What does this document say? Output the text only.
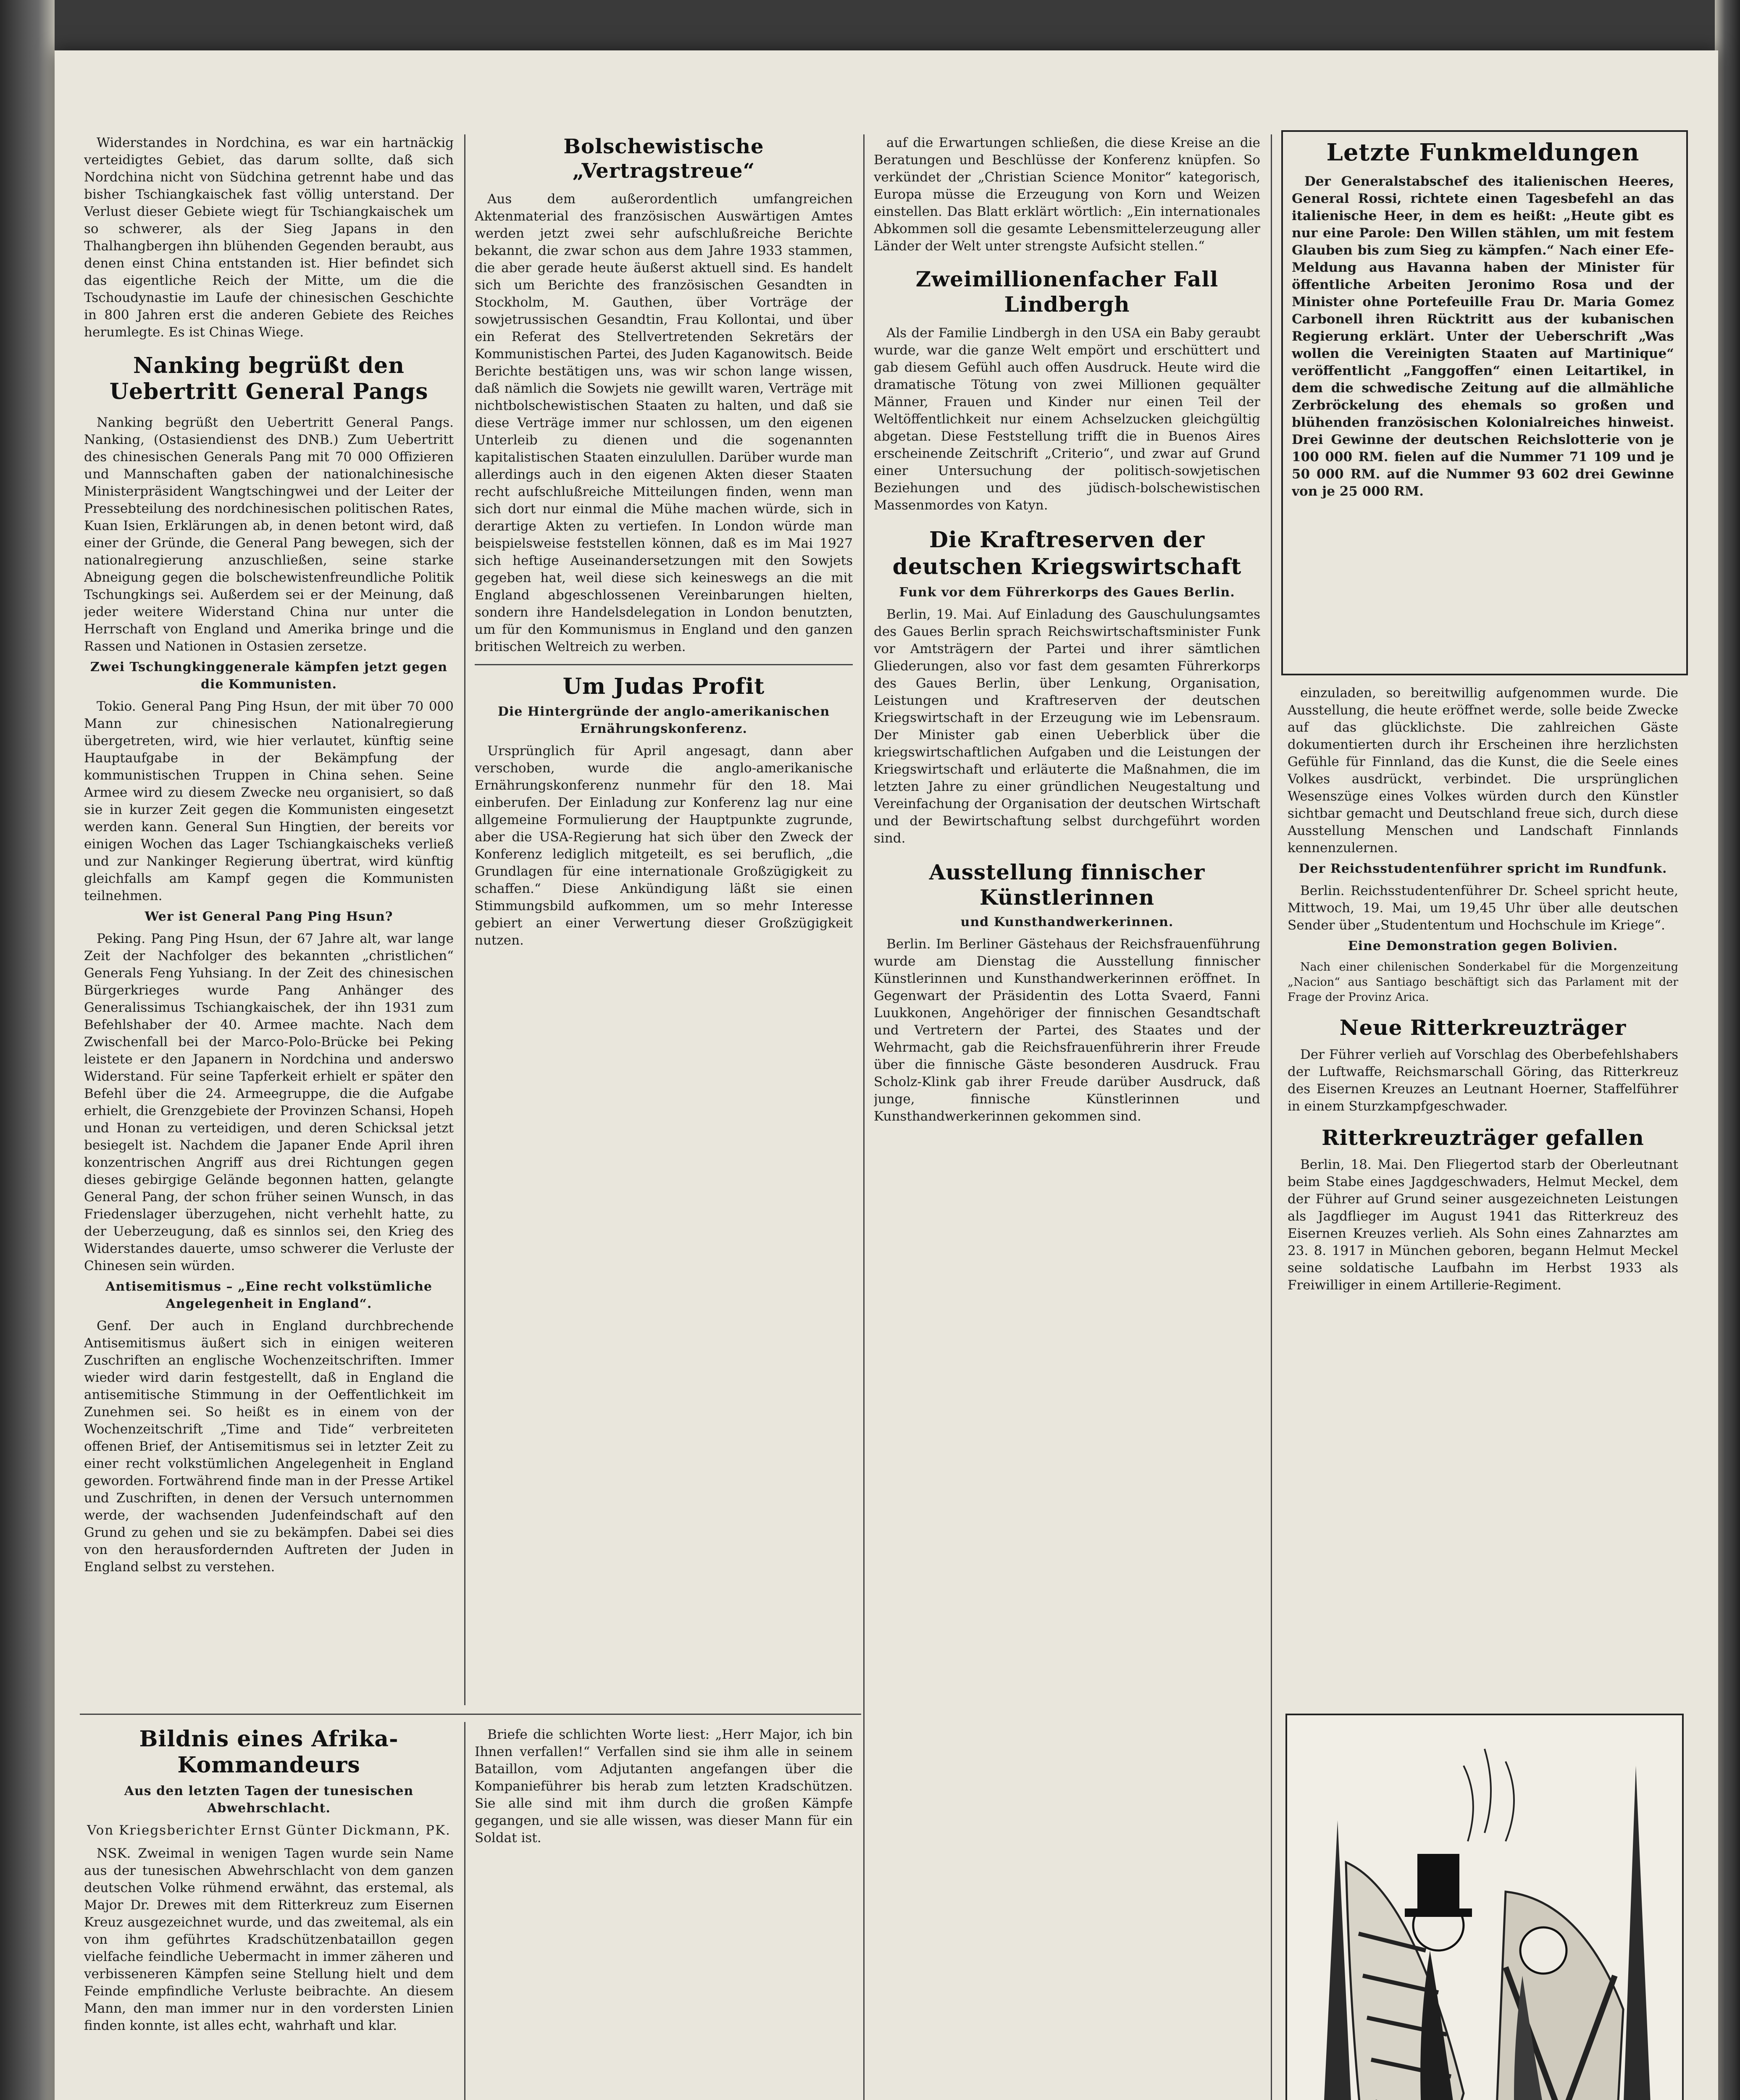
Widerstandes in Nordchina, es war ein hartnäckig verteidigtes Gebiet, das darum sollte, daß sich Nordchina nicht von Südchina getrennt habe und das bisher Tschiangkaischek fast völlig unterstand. Der Verlust dieser Gebiete wiegt für Tschiangkaischek um so schwerer, als der Sieg Japans in den Thalhangbergen ihn blühenden Gegenden beraubt, aus denen einst China entstanden ist. Hier befindet sich das eigentliche Reich der Mitte, um die die Tschoudynastie im Laufe der chinesischen Geschichte in 800 Jahren erst die anderen Gebiete des Reiches herumlegte. Es ist Chinas Wiege.

Nanking begrüßt den Uebertritt General Pangs

Nanking begrüßt den Uebertritt General Pangs. Nanking, (Ostasiendienst des DNB.) Zum Uebertritt des chinesischen Generals Pang mit 70 000 Offizieren und Mannschaften gaben der nationalchinesische Ministerpräsident Wangtschingwei und der Leiter der Pressebteilung des nordchinesischen politischen Rates, Kuan Isien, Erklärungen ab, in denen betont wird, daß einer der Gründe, die General Pang bewegen, sich der nationalregierung anzuschließen, seine starke Abneigung gegen die bolschewistenfreundliche Politik Tschungkings sei. Außerdem sei er der Meinung, daß jeder weitere Widerstand China nur unter die Herrschaft von England und Amerika bringe und die Rassen und Nationen in Ostasien zersetze.

Zwei Tschungkinggenerale kämpfen jetzt gegen die Kommunisten.

Tokio. General Pang Ping Hsun, der mit über 70 000 Mann zur chinesischen Nationalregierung übergetreten, wird, wie hier verlautet, künftig seine Hauptaufgabe in der Bekämpfung der kommunistischen Truppen in China sehen. Seine Armee wird zu diesem Zwecke neu organisiert, so daß sie in kurzer Zeit gegen die Kommunisten eingesetzt werden kann. General Sun Hingtien, der bereits vor einigen Wochen das Lager Tschiangkaischeks verließ und zur Nankinger Regierung übertrat, wird künftig gleichfalls am Kampf gegen die Kommunisten teilnehmen.

Wer ist General Pang Ping Hsun?

Peking. Pang Ping Hsun, der 67 Jahre alt, war lange Zeit der Nachfolger des bekannten „christlichen“ Generals Feng Yuhsiang. In der Zeit des chinesischen Bürgerkrieges wurde Pang Anhänger des Generalissimus Tschiangkaischek, der ihn 1931 zum Befehlshaber der 40. Armee machte. Nach dem Zwischenfall bei der Marco-Polo-Brücke bei Peking leistete er den Japanern in Nordchina und anderswo Widerstand. Für seine Tapferkeit erhielt er später den Befehl über die 24. Armeegruppe, die die Aufgabe erhielt, die Grenzgebiete der Provinzen Schansi, Hopeh und Honan zu verteidigen, und deren Schicksal jetzt besiegelt ist. Nachdem die Japaner Ende April ihren konzentrischen Angriff aus drei Richtungen gegen dieses gebirgige Gelände begonnen hatten, gelangte General Pang, der schon früher seinen Wunsch, in das Friedenslager überzugehen, nicht verhehlt hatte, zu der Ueberzeugung, daß es sinnlos sei, den Krieg des Widerstandes dauerte, umso schwerer die Verluste der Chinesen sein würden.

Antisemitismus – „Eine recht volkstümliche Angelegenheit in England“.

Genf. Der auch in England durchbrechende Antisemitismus äußert sich in einigen weiteren Zuschriften an englische Wochenzeitschriften. Immer wieder wird darin festgestellt, daß in England die antisemitische Stimmung in der Oeffentlichkeit im Zunehmen sei. So heißt es in einem von der Wochenzeitschrift „Time and Tide“ verbreiteten offenen Brief, der Antisemitismus sei in letzter Zeit zu einer recht volkstümlichen Angelegenheit in England geworden. Fortwährend finde man in der Presse Artikel und Zuschriften, in denen der Versuch unternommen werde, der wachsenden Judenfeindschaft auf den Grund zu gehen und sie zu bekämpfen. Dabei sei dies von den herausfordernden Auftreten der Juden in England selbst zu verstehen.

Bolschewistische „Vertragstreue“

Aus dem außerordentlich umfangreichen Aktenmaterial des französischen Auswärtigen Amtes werden jetzt zwei sehr aufschlußreiche Berichte bekannt, die zwar schon aus dem Jahre 1933 stammen, die aber gerade heute äußerst aktuell sind. Es handelt sich um Berichte des französischen Gesandten in Stockholm, M. Gauthen, über Vorträge der sowjetrussischen Gesandtin, Frau Kollontai, und über ein Referat des Stellvertretenden Sekretärs der Kommunistischen Partei, des Juden Kaganowitsch. Beide Berichte bestätigen uns, was wir schon lange wissen, daß nämlich die Sowjets nie gewillt waren, Verträge mit nichtbolschewistischen Staaten zu halten, und daß sie diese Verträge immer nur schlossen, um den eigenen Unterleib zu dienen und die sogenannten kapitalistischen Staaten einzulullen. Darüber wurde man allerdings auch in den eigenen Akten dieser Staaten recht aufschlußreiche Mitteilungen finden, wenn man sich dort nur einmal die Mühe machen würde, sich in derartige Akten zu vertiefen. In London würde man beispielsweise feststellen können, daß es im Mai 1927 sich heftige Auseinandersetzungen mit den Sowjets gegeben hat, weil diese sich keineswegs an die mit England abgeschlossenen Vereinbarungen hielten, sondern ihre Handelsdelegation in London benutzten, um für den Kommunismus in England und den ganzen britischen Weltreich zu werben.

Um Judas Profit
Die Hintergründe der anglo-amerikanischen Ernährungskonferenz.

Ursprünglich für April angesagt, dann aber verschoben, wurde die anglo-amerikanische Ernährungskonferenz nunmehr für den 18. Mai einberufen. Der Einladung zur Konferenz lag nur eine allgemeine Formulierung der Hauptpunkte zugrunde, aber die USA-Regierung hat sich über den Zweck der Konferenz lediglich mitgeteilt, es sei beruflich, „die Grundlagen für eine internationale Großzügigkeit zu schaffen.“ Diese Ankündigung läßt sie einen Stimmungsbild aufkommen, um so mehr Interesse gebiert an einer Verwertung dieser Großzügigkeit nutzen.

auf die Erwartungen schließen, die diese Kreise an die Beratungen und Beschlüsse der Konferenz knüpfen. So verkündet der „Christian Science Monitor“ kategorisch, Europa müsse die Erzeugung von Korn und Weizen einstellen. Das Blatt erklärt wörtlich: „Ein internationales Abkommen soll die gesamte Lebensmittelerzeugung aller Länder der Welt unter strengste Aufsicht stellen.“

Zweimillionenfacher Fall Lindbergh

Als der Familie Lindbergh in den USA ein Baby geraubt wurde, war die ganze Welt empört und erschüttert und gab diesem Gefühl auch offen Ausdruck. Heute wird die dramatische Tötung von zwei Millionen gequälter Männer, Frauen und Kinder nur einen Teil der Weltöffentlichkeit nur einem Achselzucken gleichgültig abgetan. Diese Feststellung trifft die in Buenos Aires erscheinende Zeitschrift „Criterio“, und zwar auf Grund einer Untersuchung der politisch-sowjetischen Beziehungen und des jüdisch-bolschewistischen Massenmordes von Katyn.

Die Kraftreserven der deutschen Kriegswirtschaft
Funk vor dem Führerkorps des Gaues Berlin.

Berlin, 19. Mai. Auf Einladung des Gauschulungsamtes des Gaues Berlin sprach Reichswirtschaftsminister Funk vor Amtsträgern der Partei und ihrer sämtlichen Gliederungen, also vor fast dem gesamten Führerkorps des Gaues Berlin, über Lenkung, Organisation, Leistungen und Kraftreserven der deutschen Kriegswirtschaft in der Erzeugung wie im Lebensraum. Der Minister gab einen Ueberblick über die kriegswirtschaftlichen Aufgaben und die Leistungen der Kriegswirtschaft und erläuterte die Maßnahmen, die im letzten Jahre zu einer gründlichen Neugestaltung und Vereinfachung der Organisation der deutschen Wirtschaft und der Bewirtschaftung selbst durchgeführt worden sind.

Ausstellung finnischer Künstlerinnen
und Kunsthandwerkerinnen.

Berlin. Im Berliner Gästehaus der Reichsfrauenführung wurde am Dienstag die Ausstellung finnischer Künstlerinnen und Kunsthandwerkerinnen eröffnet. In Gegenwart der Präsidentin des Lotta Svaerd, Fanni Luukkonen, Angehöriger der finnischen Gesandtschaft und Vertretern der Partei, des Staates und der Wehrmacht, gab die Reichsfrauenführerin ihrer Freude über die finnische Gäste besonderen Ausdruck. Frau Scholz-Klink gab ihrer Freude darüber Ausdruck, daß junge, finnische Künstlerinnen und Kunsthandwerkerinnen gekommen sind.

Letzte Funkmeldungen

Der Generalstabschef des italienischen Heeres, General Rossi, richtete einen Tagesbefehl an das italienische Heer, in dem es heißt: „Heute gibt es nur eine Parole: Den Willen stählen, um mit festem Glauben bis zum Sieg zu kämpfen.“ Nach einer Efe-Meldung aus Havanna haben der Minister für öffentliche Arbeiten Jeronimo Rosa und der Minister ohne Portefeuille Frau Dr. Maria Gomez Carbonell ihren Rücktritt aus der kubanischen Regierung erklärt. Unter der Ueberschrift „Was wollen die Vereinigten Staaten auf Martinique“ veröffentlicht „Fanggoffen“ einen Leitartikel, in dem die schwedische Zeitung auf die allmähliche Zerbröckelung des ehemals so großen und blühenden französischen Kolonialreiches hinweist. Drei Gewinne der deutschen Reichslotterie von je 100 000 RM. fielen auf die Nummer 71 109 und je 50 000 RM. auf die Nummer 93 602 drei Gewinne von je 25 000 RM.

einzuladen, so bereitwillig aufgenommen wurde. Die Ausstellung, die heute eröffnet werde, solle beide Zwecke auf das glücklichste. Die zahlreichen Gäste dokumentierten durch ihr Erscheinen ihre herzlichsten Gefühle für Finnland, das die Kunst, die die Seele eines Volkes ausdrückt, verbindet. Die ursprünglichen Wesenszüge eines Volkes würden durch den Künstler sichtbar gemacht und Deutschland freue sich, durch diese Ausstellung Menschen und Landschaft Finnlands kennenzulernen.

Der Reichsstudentenführer spricht im Rundfunk.

Berlin. Reichsstudentenführer Dr. Scheel spricht heute, Mittwoch, 19. Mai, um 19,45 Uhr über alle deutschen Sender über „Studententum und Hochschule im Kriege“.

Eine Demonstration gegen Bolivien.

Nach einer chilenischen Sonderkabel für die Morgenzeitung „Nacion“ aus Santiago beschäftigt sich das Parlament mit der Frage der Provinz Arica.

Neue Ritterkreuzträger

Der Führer verlieh auf Vorschlag des Oberbefehlshabers der Luftwaffe, Reichsmarschall Göring, das Ritterkreuz des Eisernen Kreuzes an Leutnant Hoerner, Staffelführer in einem Sturzkampfgeschwader.

Ritterkreuzträger gefallen

Berlin, 18. Mai. Den Fliegertod starb der Oberleutnant beim Stabe eines Jagdgeschwaders, Helmut Meckel, dem der Führer auf Grund seiner ausgezeichneten Leistungen als Jagdflieger im August 1941 das Ritterkreuz des Eisernen Kreuzes verlieh. Als Sohn eines Zahnarztes am 23. 8. 1917 in München geboren, begann Helmut Meckel seine soldatische Laufbahn im Herbst 1933 als Freiwilliger in einem Artillerie-Regiment.

Bildnis eines Afrika-Kommandeurs
Aus den letzten Tagen der tunesischen Abwehrschlacht.
Von Kriegsberichter Ernst Günter Dickmann, PK.

NSK. Zweimal in wenigen Tagen wurde sein Name aus der tunesischen Abwehrschlacht von dem ganzen deutschen Volke rühmend erwähnt, das erstemal, als Major Dr. Drewes mit dem Ritterkreuz zum Eisernen Kreuz ausgezeichnet wurde, und das zweitemal, als ein von ihm geführtes Kradschützenbataillon gegen vielfache feindliche Uebermacht in immer zäheren und verbisseneren Kämpfen seine Stellung hielt und dem Feinde empfindliche Verluste beibrachte. An diesem Mann, den man immer nur in den vordersten Linien finden konnte, ist alles echt, wahrhaft und klar.

Briefe die schlichten Worte liest: „Herr Major, ich bin Ihnen verfallen!“ Verfallen sind sie ihm alle in seinem Bataillon, vom Adjutanten angefangen über die Kompanieführer bis herab zum letzten Kradschützen. Sie alle sind mit ihm durch die großen Kämpfe gegangen, und sie alle wissen, was dieser Mann für ein Soldat ist.
